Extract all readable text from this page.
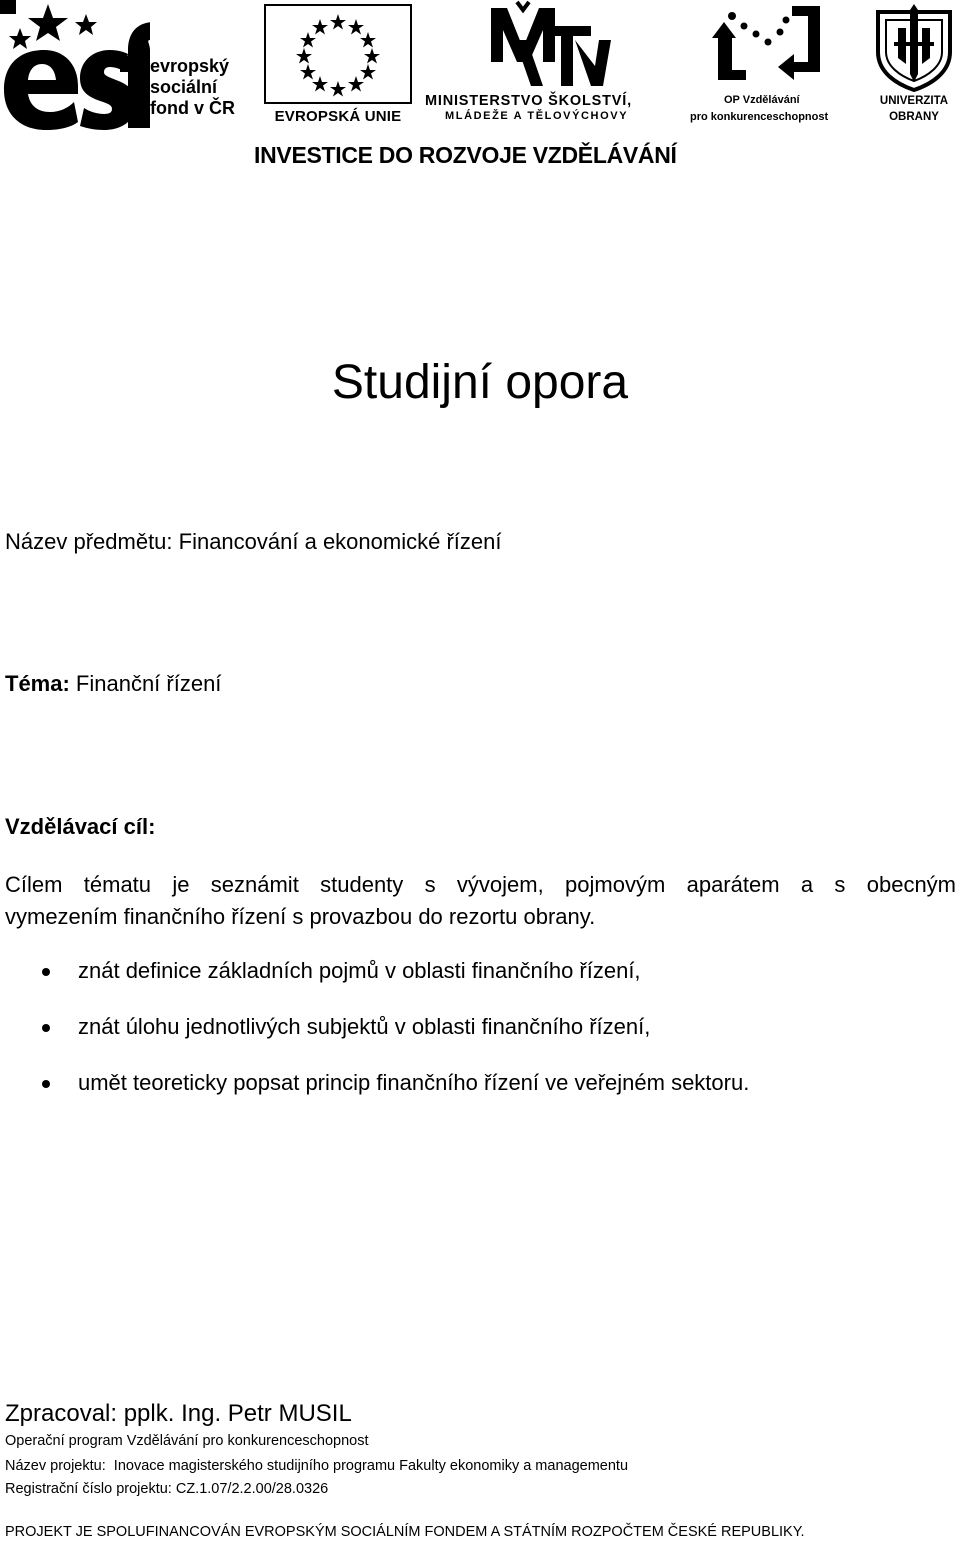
evropský
sociální
fond v ČR	EVROPSKÁ UNIE
MINISTERSTVO ŠKOLSTVÍ,
MLÁDEŽE A TĚLOVÝCHOVY
OP Vzdělávání
pro konkurenceschopnost
UNIVERZITA
OBRANY
INVESTICE DO ROZVOJE VZDĚLÁVÁNÍ
Studijní opora
Název předmětu: Financování a ekonomické řízení
Téma: Finanční řízení
Vzdělávací cíl:
Cílem tématu je seznámit studenty s vývojem, pojmovým aparátem a s obecným
vymezením finančního řízení s provazbou do rezortu obrany.
znát definice základních pojmů v oblasti finančního řízení,
znát úlohu jednotlivých subjektů v oblasti finančního řízení,
umět teoreticky popsat princip finančního řízení ve veřejném sektoru.
Zpracoval: pplk. Ing. Petr MUSIL
Operační program Vzdělávání pro konkurenceschopnost
Název projektu:  Inovace magisterského studijního programu Fakulty ekonomiky a managementu
Registrační číslo projektu: CZ.1.07/2.2.00/28.0326
PROJEKT JE SPOLUFINANCOVÁN EVROPSKÝM SOCIÁLNÍM FONDEM A STÁTNÍM ROZPOČTEM ČESKÉ REPUBLIKY.
